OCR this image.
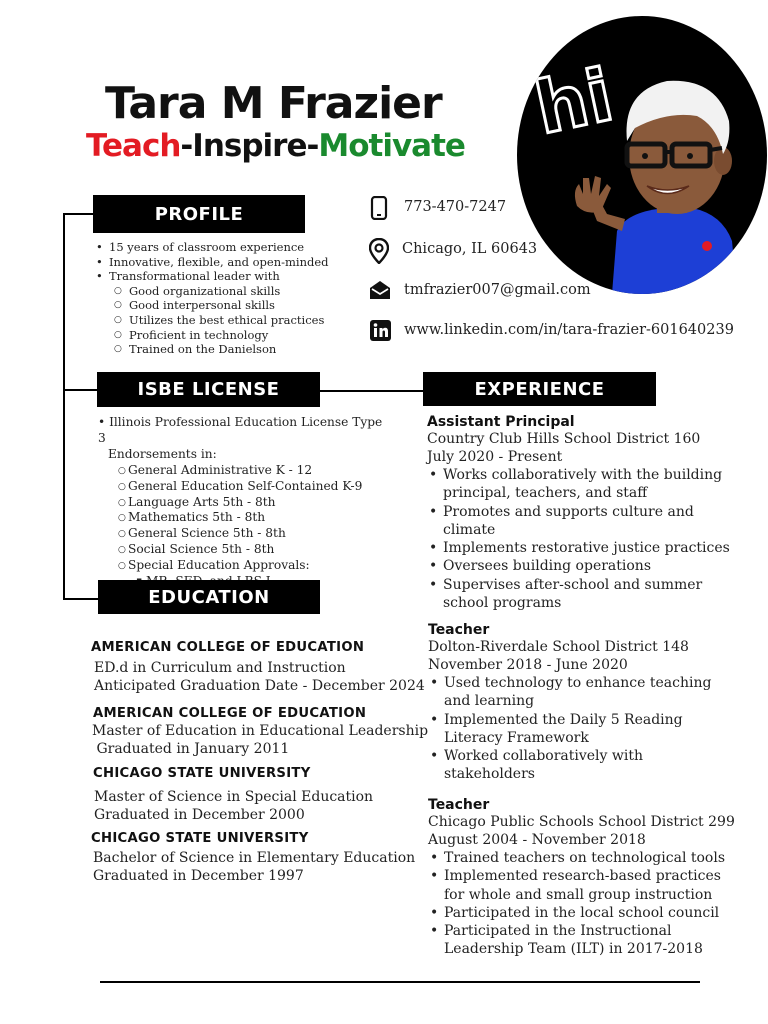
Tara M Frazier
Teach-Inspire-Motivate hi
773-470-7247
Chicago, IL 60643
tmfrazier007@gmail.com
www.linkedin.com/in/tara-frazier-601640239
PROFILE
• 15 years of classroom experience
• Innovative, flexible, and open-minded
• Transformational leader with
○ Good organizational skills
○ Good interpersonal skills
○ Utilizes the best ethical practices
○ Proficient in technology
○ Trained on the Danielson
ISBE LICENSE
• Illinois Professional Education License Type 3
Endorsements in:
○ General Administrative K - 12
○ General Education Self-Contained K-9
○ Language Arts 5th - 8th
○ Mathematics 5th - 8th
○ General Science 5th - 8th
○ Social Science 5th - 8th
○ Special Education Approvals:
▪
EDUCATION
AMERICAN COLLEGE OF EDUCATION
ED.d in Curriculum and Instruction
Anticipated Graduation Date - December 2024
AMERICAN COLLEGE OF EDUCATION
Master of Education in Educational Leadership
Graduated in January 2011
CHICAGO STATE UNIVERSITY
Master of Science in Special Education
Graduated in December 2000
CHICAGO STATE UNIVERSITY
Bachelor of Science in Elementary Education
Graduated in December 1997
EXPERIENCE
Assistant Principal
Country Club Hills School District 160
July 2020 - Present
• Works collaboratively with the building
principal, teachers, and staff
• Promotes and supports culture and
climate
• Implements restorative justice practices
• Oversees building operations
• Supervises after-school and summer
school programs
Teacher
Dolton-Riverdale School District 148
November 2018 - June 2020
• Used technology to enhance teaching
and learning
• Implemented the Daily 5 Reading
Literacy Framework
• Worked collaboratively with
stakeholders
Teacher
Chicago Public Schools School District 299
August 2004 - November 2018
• Trained teachers on technological tools
• Implemented research-based practices
for whole and small group instruction
• Participated in the local school council
• Participated in the Instructional
Leadership Team (ILT) in 2017-2018
